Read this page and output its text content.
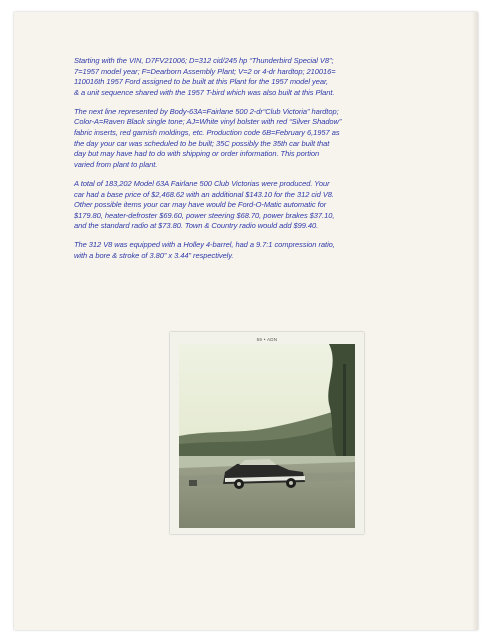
Starting with the VIN, D7FV21006; D=312 cid/245 hp “Thunderbird Special V8”;
7=1957 model year; F=Dearborn Assembly Plant; V=2 or 4-dr hardtop; 210016=
110016th 1957 Ford assigned to be built at this Plant for the 1957 model year,
& a unit sequence shared with the 1957 T-bird which was also built at this Plant.

The next line represented by Body-63A=Fairlane 500 2-dr“Club Victoria” hardtop;
Color-A=Raven Black single tone; AJ=White vinyl bolster with red “Silver Shadow”
fabric inserts, red garnish moldings, etc. Production code 6B=February 6,1957 as
the day your car was scheduled to be built; 35C possibly the 35th car built that
day but may have had to do with shipping or order information. This portion
varied from plant to plant.

A total of 183,202 Model 63A Fairlane 500 Club Victorias were produced. Your
car had a base price of $2,468.62 with an additional $143.10 for the 312 cid V8.
Other possible items your car may have would be Ford-O-Matic automatic for
$179.80, heater-defroster $69.60, power steering $68.70, power brakes $37.10,
and the standard radio at $73.80. Town & Country radio would add $99.40.

The 312 V8 was equipped with a Holley 4-barrel, had a 9.7:1 compression ratio,
with a bore & stroke of 3.80” x 3.44” respectively.

59 • ADN
